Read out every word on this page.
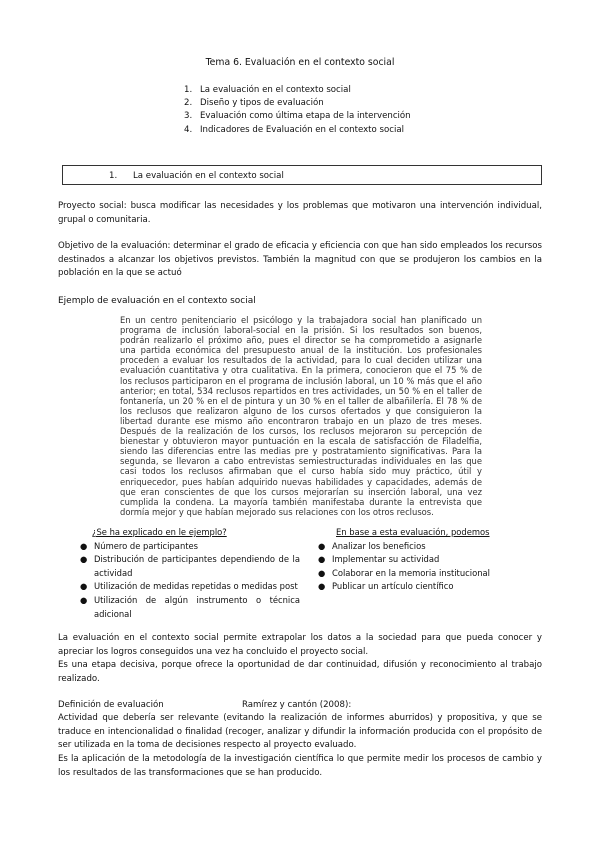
Tema 6. Evaluación en el contexto social
1. La evaluación en el contexto social
2. Diseño y tipos de evaluación
3. Evaluación como última etapa de la intervención
4. Indicadores de Evaluación en el contexto social
1. La evaluación en el contexto social
Proyecto social: busca modificar las necesidades y los problemas que motivaron una intervención individual, grupal o comunitaria.
Objetivo de la evaluación: determinar el grado de eficacia y eficiencia con que han sido empleados los recursos destinados a alcanzar los objetivos previstos. También la magnitud con que se produjeron los cambios en la población en la que se actuó
Ejemplo de evaluación en el contexto social
En un centro penitenciario el psicólogo y la trabajadora social han planificado un programa de inclusión laboral-social en la prisión. Si los resultados son buenos, podrán realizarlo el próximo año, pues el director se ha comprometido a asignarle una partida económica del presupuesto anual de la institución. Los profesionales proceden a evaluar los resultados de la actividad, para lo cual deciden utilizar una evaluación cuantitativa y otra cualitativa. En la primera, conocieron que el 75 % de los reclusos participaron en el programa de inclusión laboral, un 10 % más que el año anterior; en total, 534 reclusos repartidos en tres actividades, un 50 % en el taller de fontanería, un 20 % en el de pintura y un 30 % en el taller de albañilería. El 78 % de los reclusos que realizaron alguno de los cursos ofertados y que consiguieron la libertad durante ese mismo año encontraron trabajo en un plazo de tres meses. Después de la realización de los cursos, los reclusos mejoraron su percepción de bienestar y obtuvieron mayor puntuación en la escala de satisfacción de Filadelfia, siendo las diferencias entre las medias pre y postratamiento significativas. Para la segunda, se llevaron a cabo entrevistas semiestructuradas individuales en las que casi todos los reclusos afirmaban que el curso había sido muy práctico, útil y enriquecedor, pues habían adquirido nuevas habilidades y capacidades, además de que eran conscientes de que los cursos mejorarían su inserción laboral, una vez cumplida la condena. La mayoría también manifestaba durante la entrevista que dormía mejor y que habían mejorado sus relaciones con los otros reclusos.
¿Se ha explicado en le ejemplo?
● Número de participantes
● Distribución de participantes dependiendo de la actividad
● Utilización de medidas repetidas o medidas post
● Utilización de algún instrumento o técnica adicional
En base a esta evaluación, podemos
● Analizar los beneficios
● Implementar su actividad
● Colaborar en la memoria institucional
● Publicar un artículo científico
La evaluación en el contexto social permite extrapolar los datos a la sociedad para que pueda conocer y apreciar los logros conseguidos una vez ha concluido el proyecto social.
Es una etapa decisiva, porque ofrece la oportunidad de dar continuidad, difusión y reconocimiento al trabajo realizado.
Definición de evaluación	Ramírez y cantón (2008):
Actividad que debería ser relevante (evitando la realización de informes aburridos) y propositiva, y que se traduce en intencionalidad o finalidad (recoger, analizar y difundir la información producida con el propósito de ser utilizada en la toma de decisiones respecto al proyecto evaluado.
Es la aplicación de la metodología de la investigación científica lo que permite medir los procesos de cambio y los resultados de las transformaciones que se han producido.
